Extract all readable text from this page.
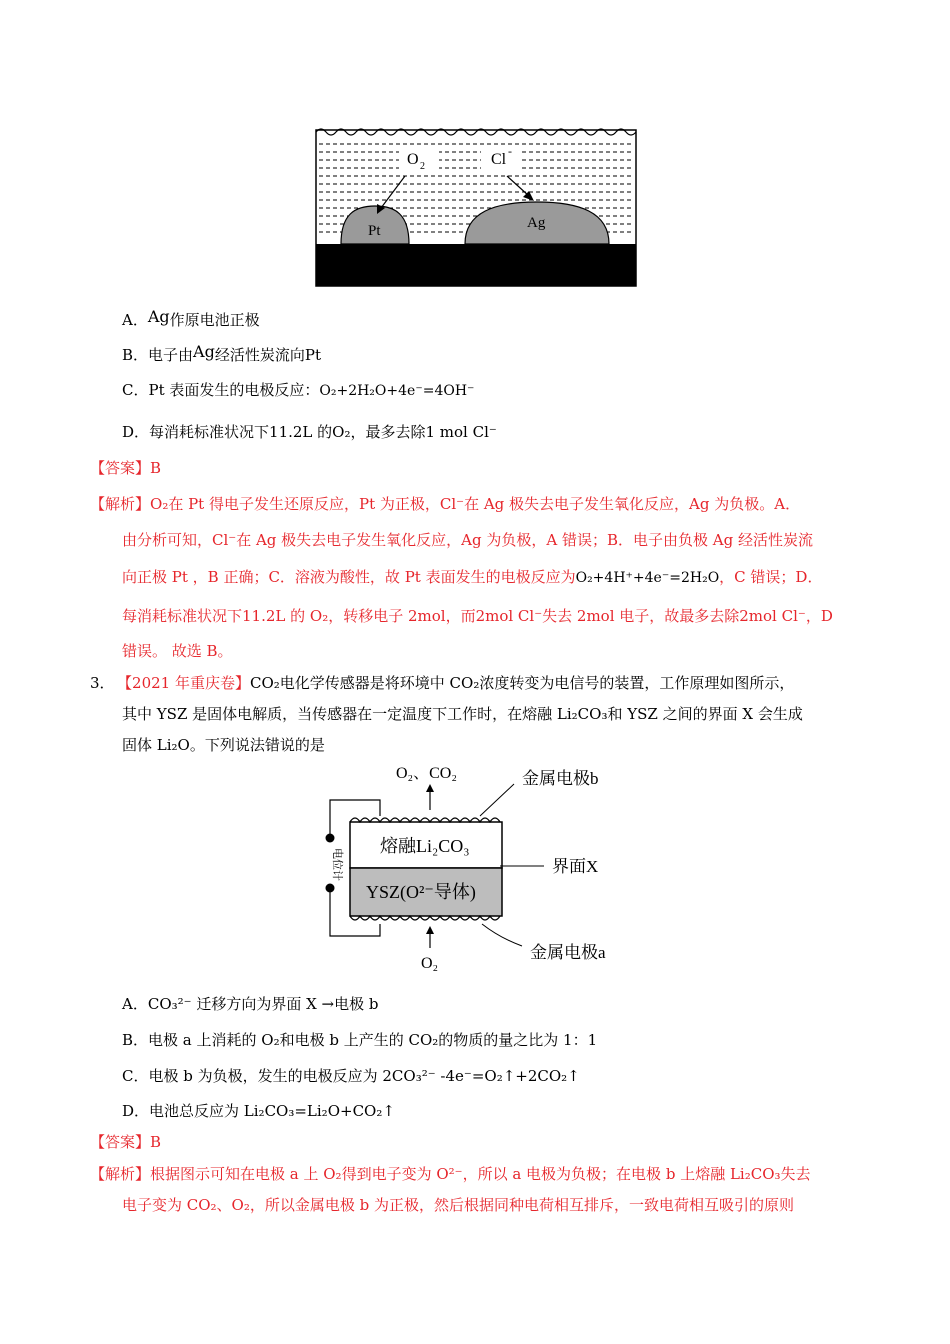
O 2	Cl -
Pt	Ag
A．Ag作原电池正极
B．电子由Ag经活性炭流向Pt
C．Pt 表面发生的电极反应：O₂+2H₂O+4e⁻=4OH⁻
D．每消耗标准状况下11.2L 的O₂，最多去除1 mol Cl⁻
【答案】B
【解析】O₂在 Pt 得电子发生还原反应，Pt 为正极，Cl⁻在 Ag 极失去电子发生氧化反应，Ag 为负极。A．
由分析可知，Cl⁻在 Ag 极失去电子发生氧化反应，Ag 为负极，A 错误；B．电子由负极 Ag 经活性炭流
向正极 Pt ，B 正确；C．溶液为酸性，故 Pt 表面发生的电极反应为O₂+4H⁺+4e⁻=2H₂O，C 错误；D．
每消耗标准状况下11.2L 的 O₂，转移电子 2mol，而2mol Cl⁻失去 2mol 电子，故最多去除2mol Cl⁻，D
错误。 故选 B。
3． 【2021 年重庆卷】CO₂电化学传感器是将环境中 CO₂浓度转变为电信号的装置，工作原理如图所示，
其中 YSZ 是固体电解质，当传感器在一定温度下工作时，在熔融 Li₂CO₃和 YSZ 之间的界面 X 会生成
固体 Li₂O。下列说法错说的是
O₂、CO₂	金属电极b
熔融Li₂CO₃
界面X
YSZ(O²⁻导体)
金属电极a
O₂
电位计
A．CO₃²⁻ 迁移方向为界面 X →电极 b
B．电极 a 上消耗的 O₂和电极 b 上产生的 CO₂的物质的量之比为 1：1
C．电极 b 为负极，发生的电极反应为 2CO₃²⁻ -4e⁻=O₂↑+2CO₂↑
D．电池总反应为 Li₂CO₃=Li₂O+CO₂↑
【答案】B
【解析】根据图示可知在电极 a 上 O₂得到电子变为 O²⁻，所以 a 电极为负极；在电极 b 上熔融 Li₂CO₃失去
电子变为 CO₂、O₂，所以金属电极 b 为正极，然后根据同种电荷相互排斥，一致电荷相互吸引的原则
